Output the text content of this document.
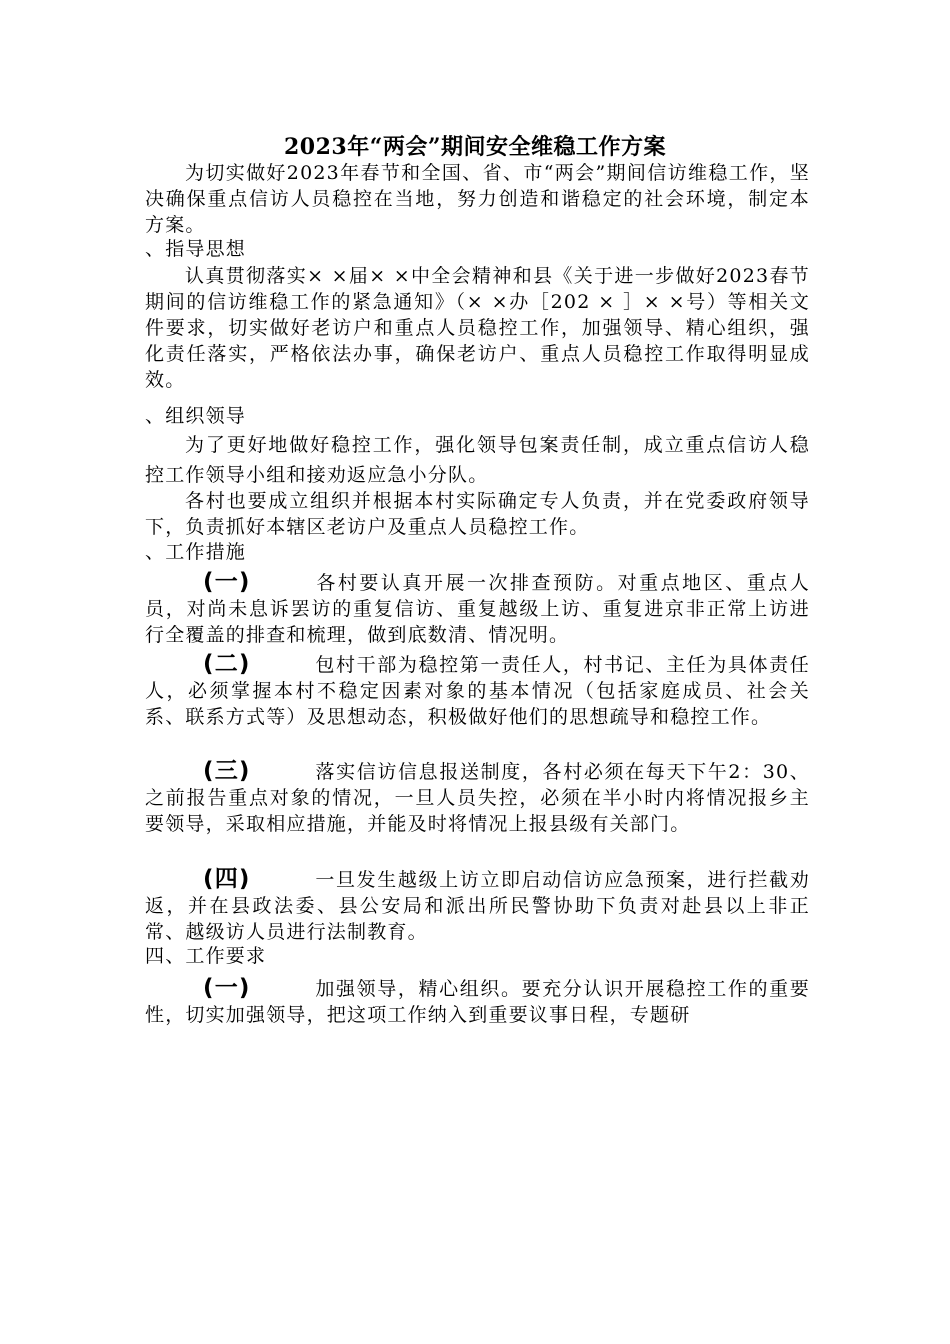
2023年“两会”期间安全维稳工作方案

为切实做好2023年春节和全国、省、市“两会”期间信访维稳工作，坚决确保重点信访人员稳控在当地，努力创造和谐稳定的社会环境，制定本方案。

、指导思想

认真贯彻落实× ×届× ×中全会精神和县《关于进一步做好2023春节期间的信访维稳工作的紧急通知》（× ×办［202 × ］× ×号）等相关文件要求，切实做好老访户和重点人员稳控工作，加强领导、精心组织，强化责任落实，严格依法办事，确保老访户、重点人员稳控工作取得明显成效。

、组织领导

为了更好地做好稳控工作，强化领导包案责任制，成立重点信访人稳控工作领导小组和接劝返应急小分队。

各村也要成立组织并根据本村实际确定专人负责，并在党委政府领导下，负责抓好本辖区老访户及重点人员稳控工作。

、工作措施
(一)	各村要认真开展一次排查预防。对重点地区、重点人员，对尚未息诉罢访的重复信访、重复越级上访、重复进京非正常上访进行全覆盖的排查和梳理，做到底数清、情况明。
(二)	包村干部为稳控第一责任人，村书记、主任为具体责任人，必须掌握本村不稳定因素对象的基本情况（包括家庭成员、社会关系、联系方式等）及思想动态，积极做好他们的思想疏导和稳控工作。
(三)	落实信访信息报送制度，各村必须在每天下午2：30、之前报告重点对象的情况，一旦人员失控，必须在半小时内将情况报乡主要领导，采取相应措施，并能及时将情况上报县级有关部门。
(四)	一旦发生越级上访立即启动信访应急预案，进行拦截劝返，并在县政法委、县公安局和派出所民警协助下负责对赴县以上非正常、越级访人员进行法制教育。
四、工作要求
(一)	加强领导，精心组织。要充分认识开展稳控工作的重要性，切实加强领导，把这项工作纳入到重要议事日程，专题研
